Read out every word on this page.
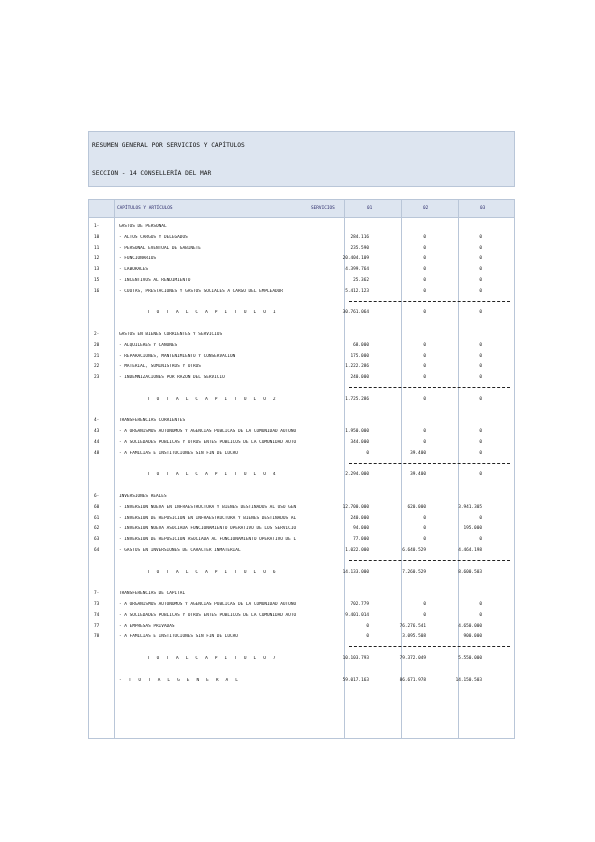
RESUMEN GENERAL POR SERVICIOS Y CAPÍTULOS
SECCION - 14 CONSELLERÍA DEL MAR
CAPÍTULOS Y ARTÍCULOS	SERVICIOS	01	02	03
1-	GASTOS DE PERSONAL
10	- ALTOS CARGOS Y DELEGADOS	284.116	0	0
11	- PERSONAL EVENTUAL DE GABINETE	235.590	0	0
12	- FUNCIONARIOS	20.404.109	0	0
13	- LABORALES	4.399.764	0	0
15	- INCENTIVOS AL RENDIMIENTO	25.362	0	0
16	- CUOTAS, PRESTACIONES Y GASTOS SOCIALES A CARGO DEL EMPLEADOR	5.412.123	0	0
T O T A L C A P Í T U L O 1	30.761.064	0	0
2-	GASTOS EN BIENES CORRIENTES Y SERVICIOS
20	- ALQUILERES Y CÁNONES	68.000	0	0
21	- REPARACIONES, MANTENIMIENTO Y CONSERVACIÓN	175.000	0	0
22	- MATERIAL, SUMINISTROS Y OTROS	1.222.286	0	0
23	- INDEMNIZACIONES POR RAZÓN DEL SERVICIO	240.000	0	0
T O T A L C A P Í T U L O 2	1.725.286	0	0
4-	TRANSFERENCIAS CORRIENTES
43	- A ORGANISMOS AUTÓNOMOS Y AGENCIAS PÚBLICAS DE LA COMUNIDAD AUTÓNO	1.950.000	0	0
44	- A SOCIEDADES PÚBLICAS Y OTROS ENTES PÚBLICOS DE LA COMUNIDAD AUTÓ	344.000	0	0
48	- A FAMILIAS E INSTITUCIONES SIN FIN DE LUCRO	0	39.400	0
T O T A L C A P Í T U L O 4	2.294.000	39.400	0
6-	INVERSIONES REALES
60	- INVERSIÓN NUEVA EN INFRAESTRUCTURA Y BIENES DESTINADOS AL USO GEN	12.700.000	620.000	3.941.305
61	- INVERSIÓN DE REPOSICIÓN EN INFRAESTRUCTURA Y BIENES DESTINADOS AL	240.000	0	0
62	- INVERSIÓN NUEVA ASOCIADA FUNCIONAMIENTO OPERATIVO DE LOS SERVICIO	94.000	0	195.000
63	- INVERSIÓN DE REPOSICIÓN ASOCIADA AL FUNCIONAMIENTO OPERATIVO DE L	77.000	0	0
64	- GASTOS EN INVERSIONES DE CARÁCTER INMATERIAL	1.022.000	6.640.529	4.464.198
T O T A L C A P Í T U L O 6	14.133.000	7.260.529	8.600.503
7-	TRANSFERENCIAS DE CAPITAL
73	- A ORGANISMOS AUTÓNOMOS Y AGENCIAS PÚBLICAS DE LA COMUNIDAD AUTÓNO	702.779	0	0
74	- A SOCIEDADES PÚBLICAS Y OTROS ENTES PÚBLICOS DE LA COMUNIDAD AUTÓ	9.401.014	0	0
77	- A EMPRESAS PRIVADAS	0	76.276.541	4.650.000
78	- A FAMILIAS E INSTITUCIONES SIN FIN DE LUCRO	0	3.095.508	900.000
T O T A L C A P Í T U L O 7	10.103.793	79.372.049	5.550.000
- T O T A L G E N E R A L	59.017.163	86.671.978	14.150.503
